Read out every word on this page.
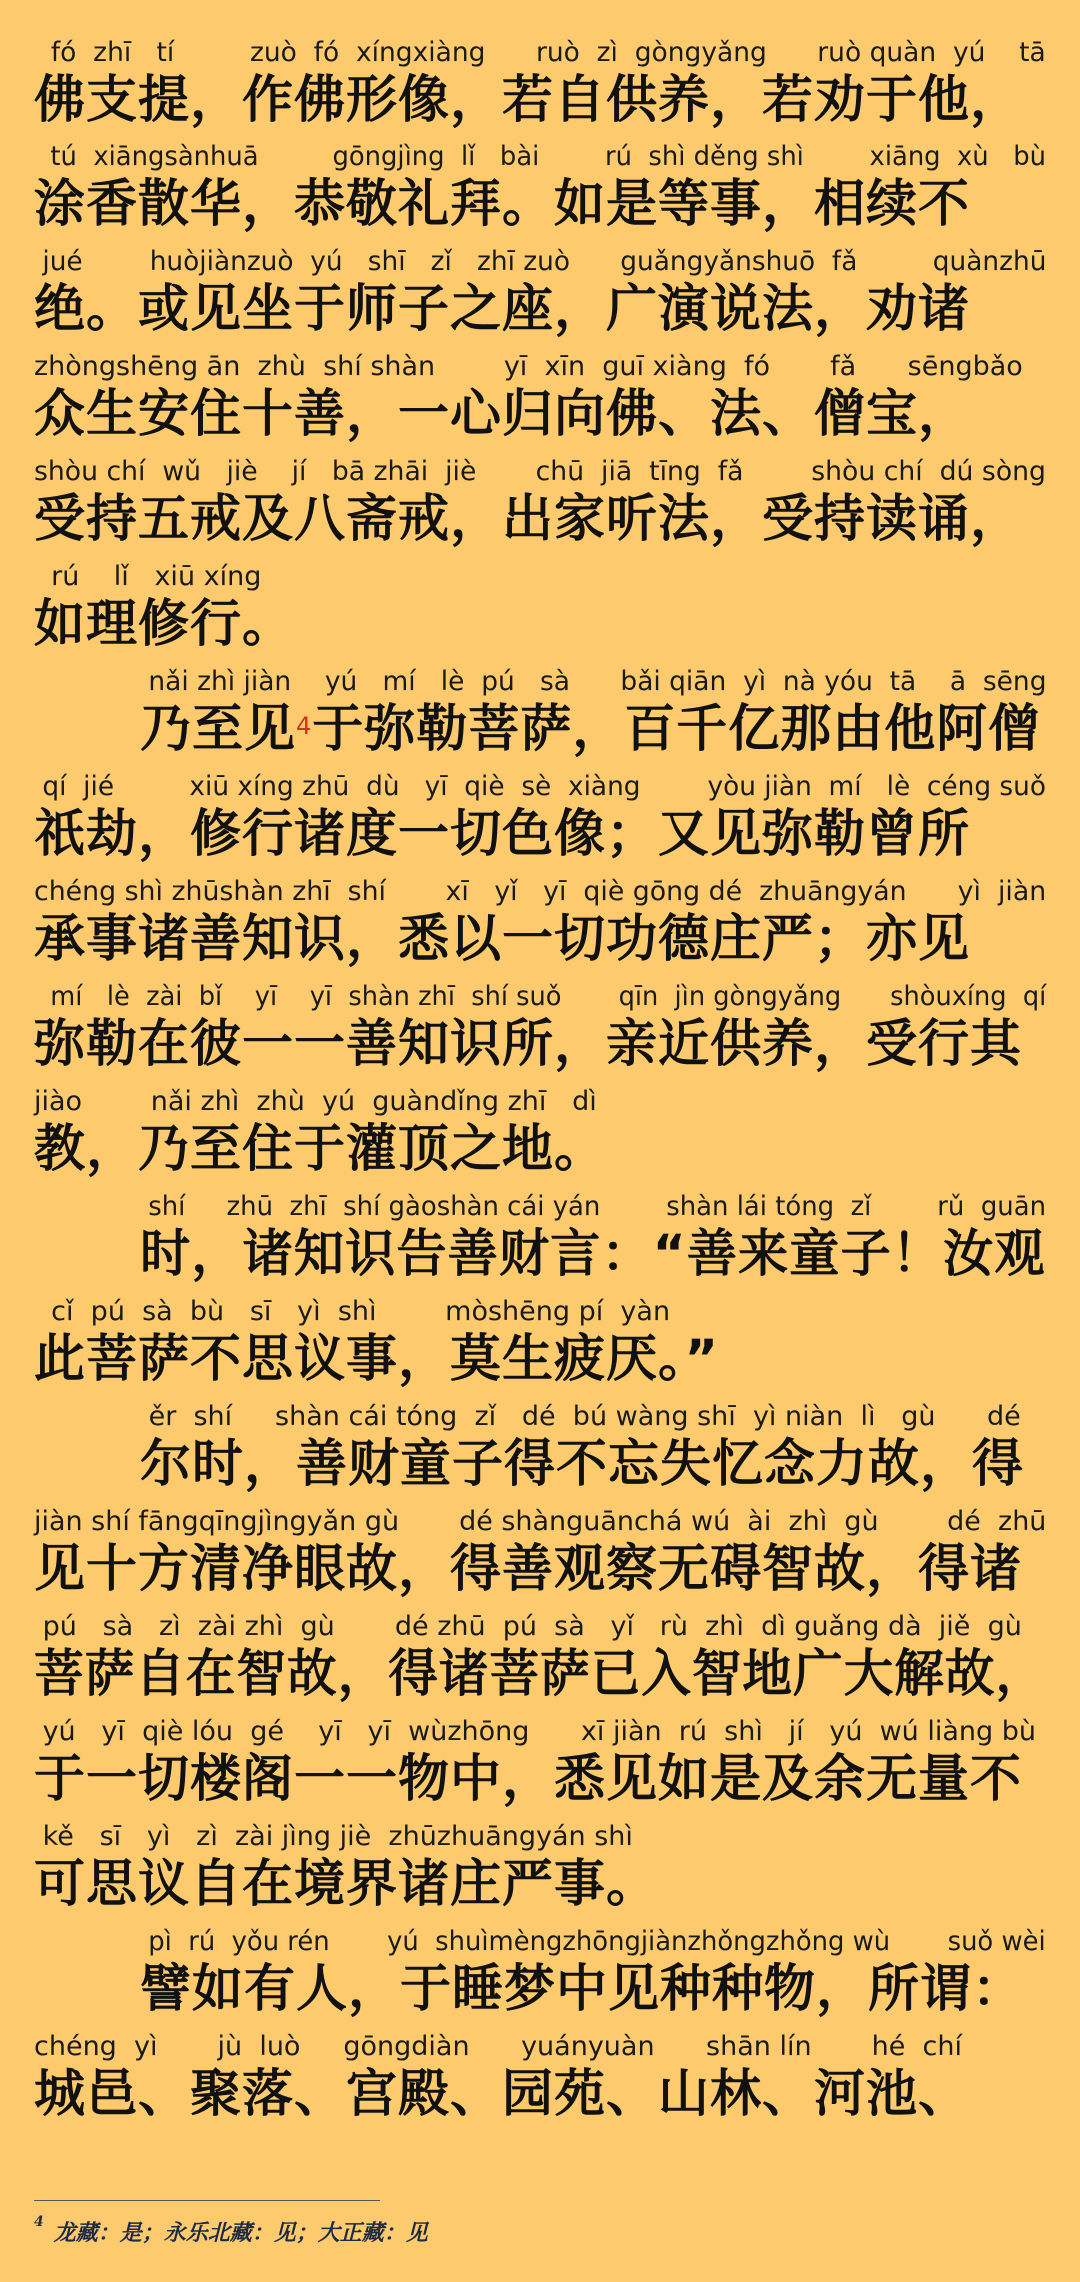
fó  zhī   tí         zuò  fó  xíngxiàng      ruò  zì  gòngyǎng      ruò quàn  yú    tā
佛支提，作佛形像，若自供养，若劝于他，
tú  xiāngsànhuā         gōngjìng  lǐ   bài        rú  shì děng shì        xiāng  xù   bù
涂香散华，恭敬礼拜。如是等事，相续不
jué        huòjiànzuò  yú   shī   zǐ   zhī zuò      guǎngyǎnshuō  fǎ         quànzhū
绝。或见坐于师子之座，广演说法，劝诸
zhòngshēng ān  zhù  shí shàn        yī  xīn  guī xiàng  fó       fǎ      sēngbǎo
众生安住十善，一心归向佛、法、僧宝，
shòu chí  wǔ   jiè    jí   bā zhāi  jiè       chū  jiā  tīng  fǎ        shòu chí  dú sòng
受持五戒及八斋戒，出家听法，受持读诵，
rú    lǐ   xiū xíng
如理修行。
nǎi zhì jiàn    yú   mí   lè  pú   sà      bǎi qiān  yì  nà yóu  tā    ā  sēng
乃至见$^4$于弥勒菩萨，百千亿那由他阿僧
qí  jié         xiū xíng zhū  dù   yī  qiè  sè  xiàng        yòu jiàn  mí   lè  céng suǒ
祇劫，修行诸度一切色像；又见弥勒曾所
chéng shì zhūshàn zhī  shí       xī   yǐ   yī  qiè gōng dé  zhuāngyán      yì  jiàn
承事诸善知识，悉以一切功德庄严；亦见
mí   lè  zài  bǐ    yī    yī  shàn zhī  shí suǒ       qīn  jìn gòngyǎng      shòuxíng  qí
弥勒在彼一一善知识所，亲近供养，受行其
jiào        nǎi zhì  zhù  yú  guàndǐng zhī   dì
教，乃至住于灌顶之地。
shí     zhū  zhī  shí gàoshàn cái yán        shàn lái tóng  zǐ        rǔ  guān
时，诸知识告善财言：“善来童子！汝观
cǐ  pú  sà  bù   sī   yì  shì        mòshēng pí  yàn
此菩萨不思议事，莫生疲厌。”
ěr  shí     shàn cái tóng  zǐ   dé  bú wàng shī  yì niàn  lì   gù      dé
尔时，善财童子得不忘失忆念力故，得
jiàn shí fāngqīngjìngyǎn gù       dé shànguānchá wú  ài  zhì  gù        dé  zhū
见十方清净眼故，得善观察无碍智故，得诸
pú   sà   zì  zài zhì  gù       dé zhū  pú  sà   yǐ   rù  zhì  dì guǎng dà  jiě  gù
菩萨自在智故，得诸菩萨已入智地广大解故，
yú   yī  qiè lóu  gé    yī   yī  wùzhōng      xī jiàn  rú  shì   jí   yú  wú liàng bù
于一切楼阁一一物中，悉见如是及余无量不
kě   sī   yì   zì  zài jìng jiè  zhūzhuāngyán shì
可思议自在境界诸庄严事。
pì  rú  yǒu rén       yú  shuìmèngzhōngjiànzhǒngzhǒng wù       suǒ wèi
譬如有人，于睡梦中见种种物，所谓：
chéng  yì       jù  luò     gōngdiàn      yuányuàn      shān lín       hé  chí
城邑、聚落、宫殿、园苑、山林、河池、
$^4$ 龙藏：是；永乐北藏：见；大正藏：见
